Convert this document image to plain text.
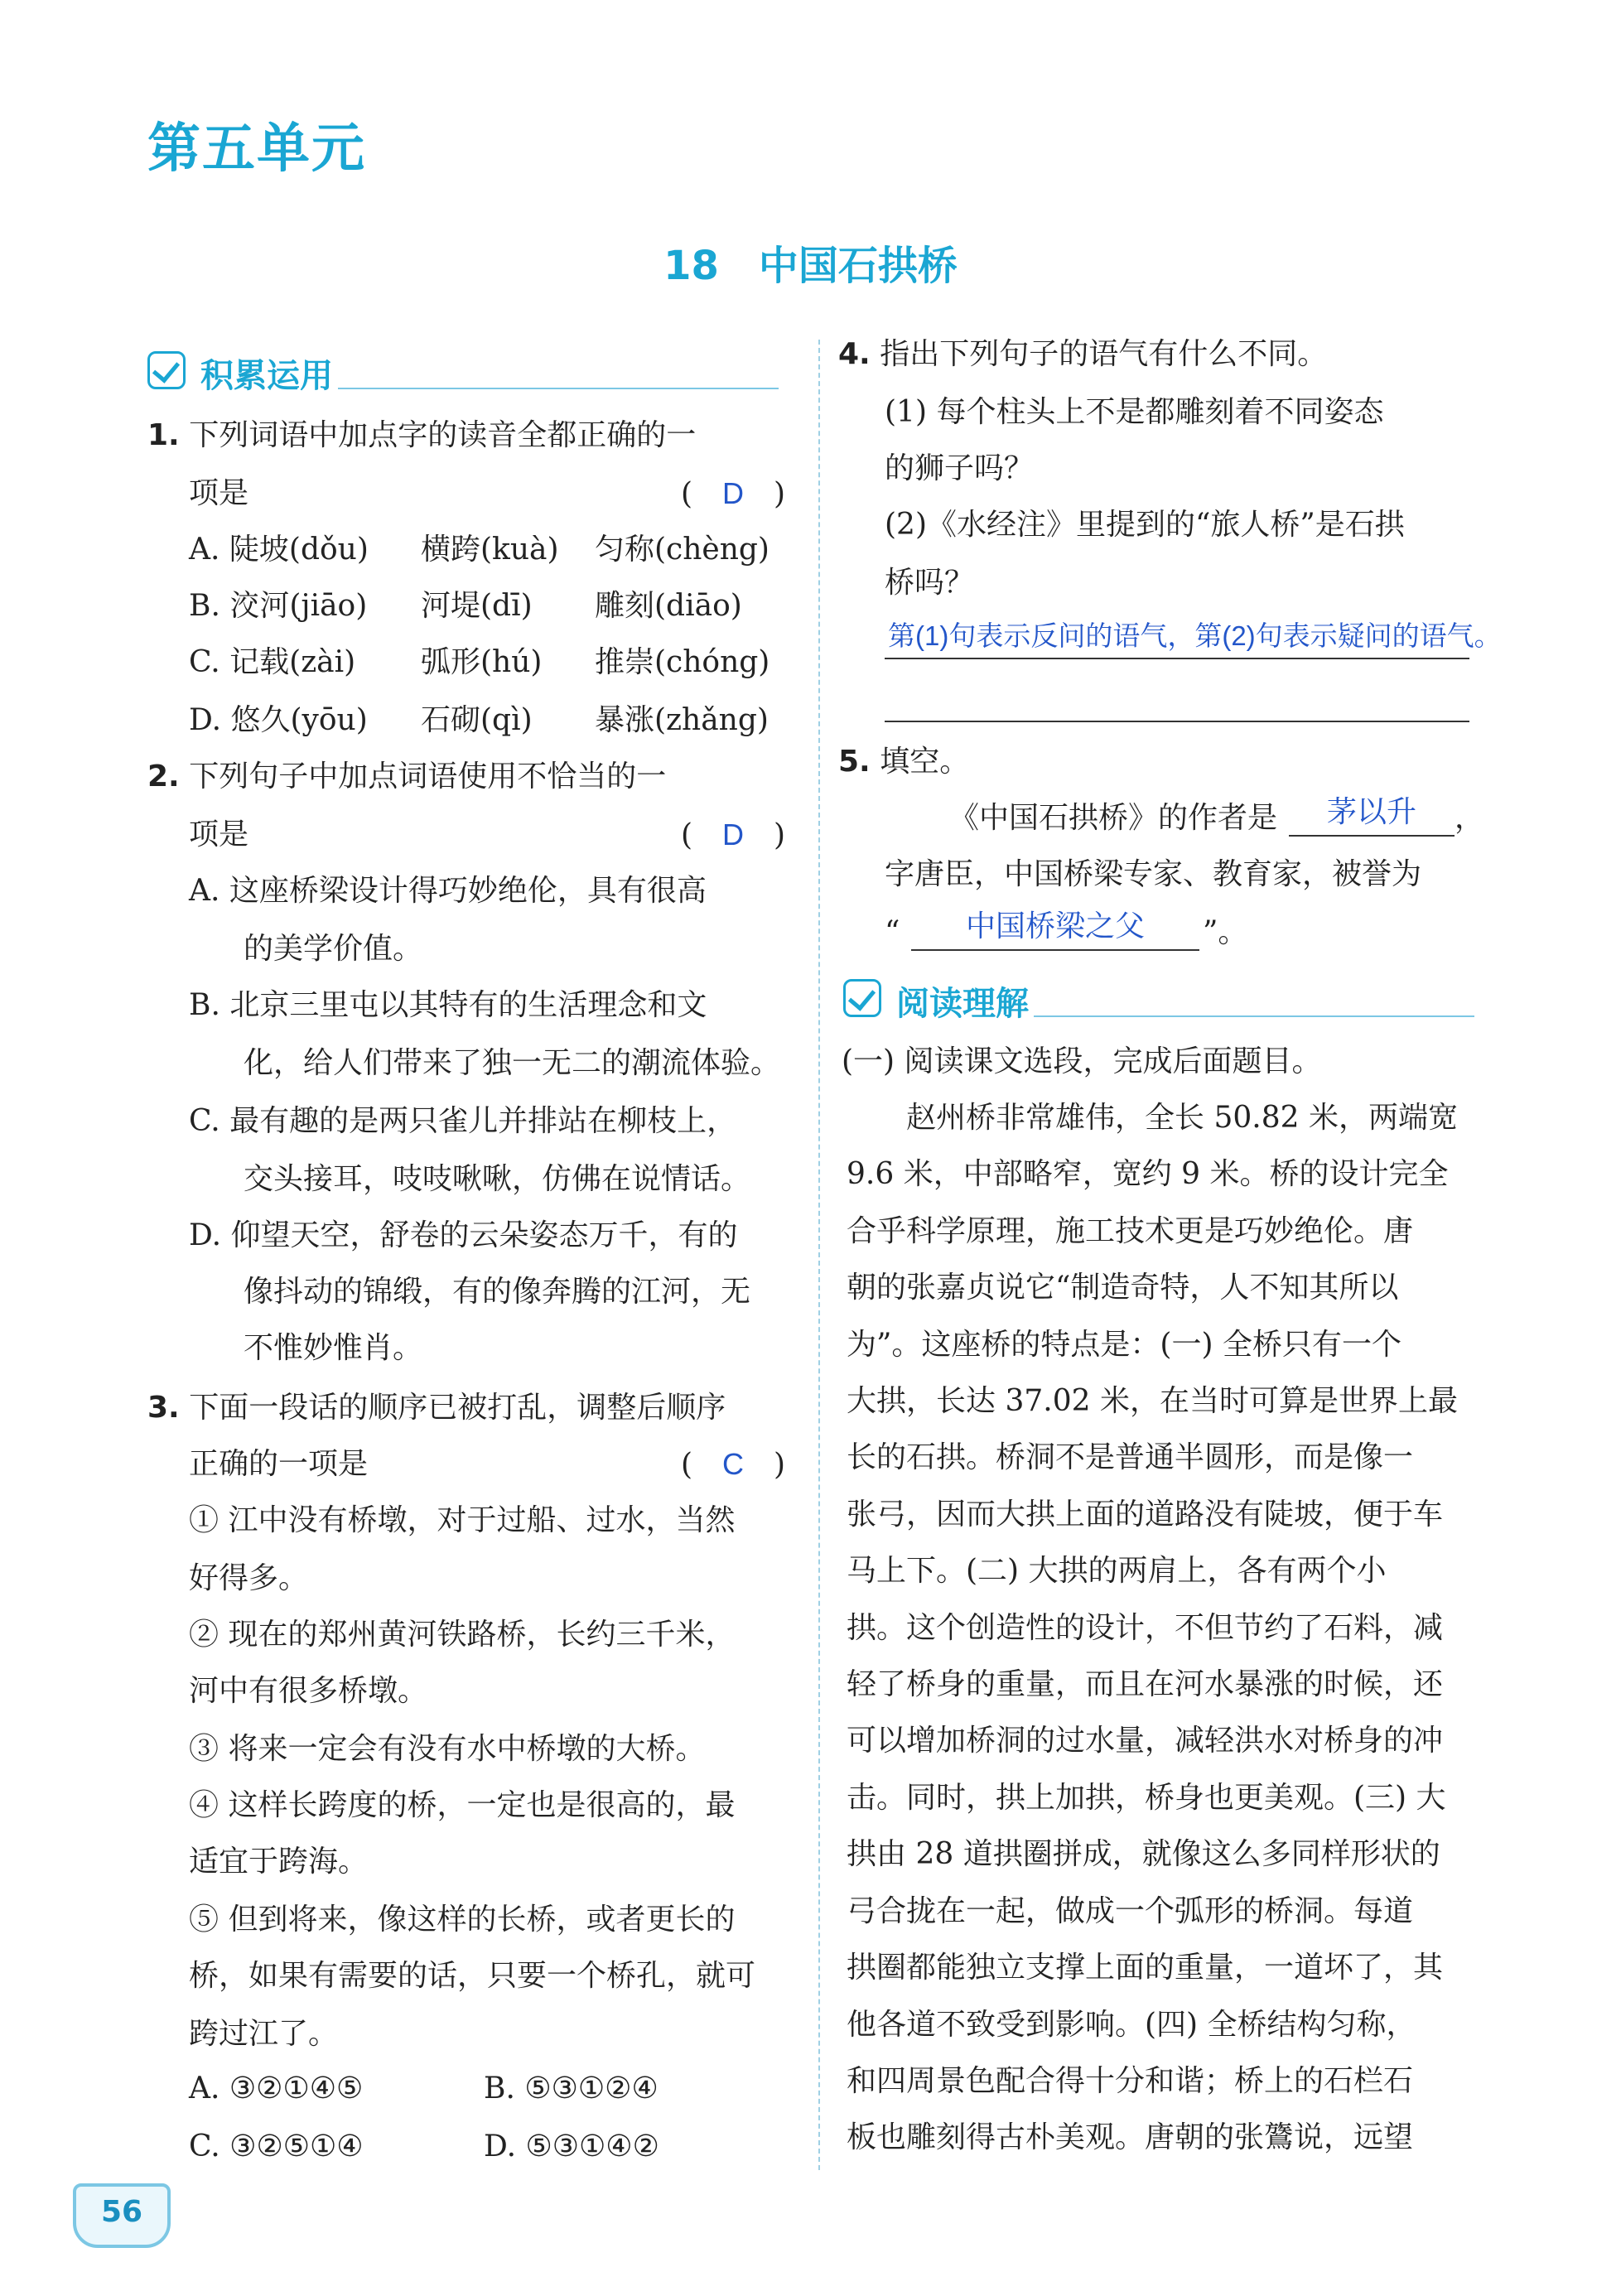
第五单元
18 中国石拱桥
积累运用
1. 下列词语中加点字的读音全都正确的一
项是	(　D　)
A. 陡坡(dǒu) 横跨(kuà) 匀称(chèng)
B. 洨河(jiāo) 河堤(dī) 雕刻(diāo)
C. 记载(zài) 弧形(hú) 推崇(chóng)
D. 悠久(yōu) 石砌(qì) 暴涨(zhǎng)
2. 下列句子中加点词语使用不恰当的一
项是	(　D　)
A. 这座桥梁设计得巧妙绝伦，具有很高
的美学价值。
B. 北京三里屯以其特有的生活理念和文
化，给人们带来了独一无二的潮流体验。
C. 最有趣的是两只雀儿并排站在柳枝上，
交头接耳，吱吱啾啾，仿佛在说情话。
D. 仰望天空，舒卷的云朵姿态万千，有的
像抖动的锦缎，有的像奔腾的江河，无
不惟妙惟肖。
3. 下面一段话的顺序已被打乱，调整后顺序
正确的一项是	(　C　)
① 江中没有桥墩，对于过船、过水，当然
好得多。
② 现在的郑州黄河铁路桥，长约三千米，
河中有很多桥墩。
③ 将来一定会有没有水中桥墩的大桥。
④ 这样长跨度的桥，一定也是很高的，最
适宜于跨海。
⑤ 但到将来，像这样的长桥，或者更长的
桥，如果有需要的话，只要一个桥孔，就可
跨过江了。
A. ③②①④⑤	B. ⑤③①②④
C. ③②⑤①④	D. ⑤③①④②
4. 指出下列句子的语气有什么不同。
(1) 每个柱头上不是都雕刻着不同姿态
的狮子吗？
(2)《水经注》里提到的“旅人桥”是石拱
桥吗？
第(1)句表示反问的语气，第(2)句表示疑问的语气。
5. 填空。
《中国石拱桥》的作者是	茅以升	，
字唐臣，中国桥梁专家、教育家，被誉为
“	中国桥梁之父	”。
阅读理解
(一) 阅读课文选段，完成后面题目。

　　赵州桥非常雄伟，全长 50.82 米，两端宽

9.6 米，中部略窄，宽约 9 米。桥的设计完全

合乎科学原理，施工技术更是巧妙绝伦。唐

朝的张嘉贞说它“制造奇特，人不知其所以

为”。这座桥的特点是：(一) 全桥只有一个

大拱，长达 37.02 米，在当时可算是世界上最

长的石拱。桥洞不是普通半圆形，而是像一

张弓，因而大拱上面的道路没有陡坡，便于车

马上下。(二) 大拱的两肩上，各有两个小

拱。这个创造性的设计，不但节约了石料，减

轻了桥身的重量，而且在河水暴涨的时候，还

可以增加桥洞的过水量，减轻洪水对桥身的冲

击。同时，拱上加拱，桥身也更美观。(三) 大

拱由 28 道拱圈拼成，就像这么多同样形状的

弓合拢在一起，做成一个弧形的桥洞。每道

拱圈都能独立支撑上面的重量，一道坏了，其

他各道不致受到影响。(四) 全桥结构匀称，

和四周景色配合得十分和谐；桥上的石栏石

板也雕刻得古朴美观。唐朝的张鷟说，远望

56
